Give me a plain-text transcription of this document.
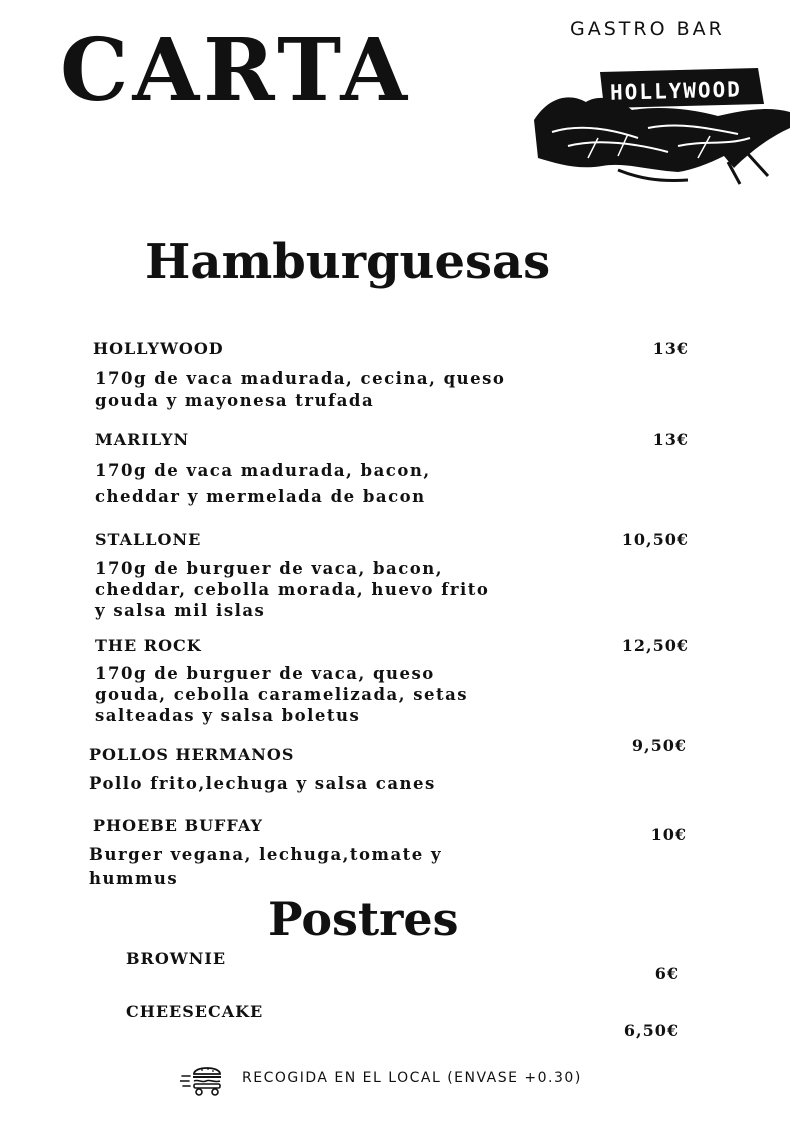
CARTA	GASTRO BAR
HOLLYWOOD
Hamburguesas
HOLLYWOOD	13€
170g de vaca madurada, cecina, queso
gouda y mayonesa trufada
MARILYN	13€
170g de vaca madurada, bacon,
cheddar y mermelada de bacon
STALLONE	10,50€
170g de burguer de vaca, bacon,
cheddar, cebolla morada, huevo frito
y salsa mil islas
THE ROCK	12,50€
170g de burguer de vaca, queso
gouda, cebolla caramelizada, setas
salteadas y salsa boletus
POLLOS HERMANOS	9,50€
Pollo frito,lechuga y salsa canes
PHOEBE BUFFAY	10€
Burger vegana, lechuga,tomate y
hummus
Postres
BROWNIE
6€
CHEESECAKE
6,50€
RECOGIDA EN EL LOCAL (ENVASE +0.30)
